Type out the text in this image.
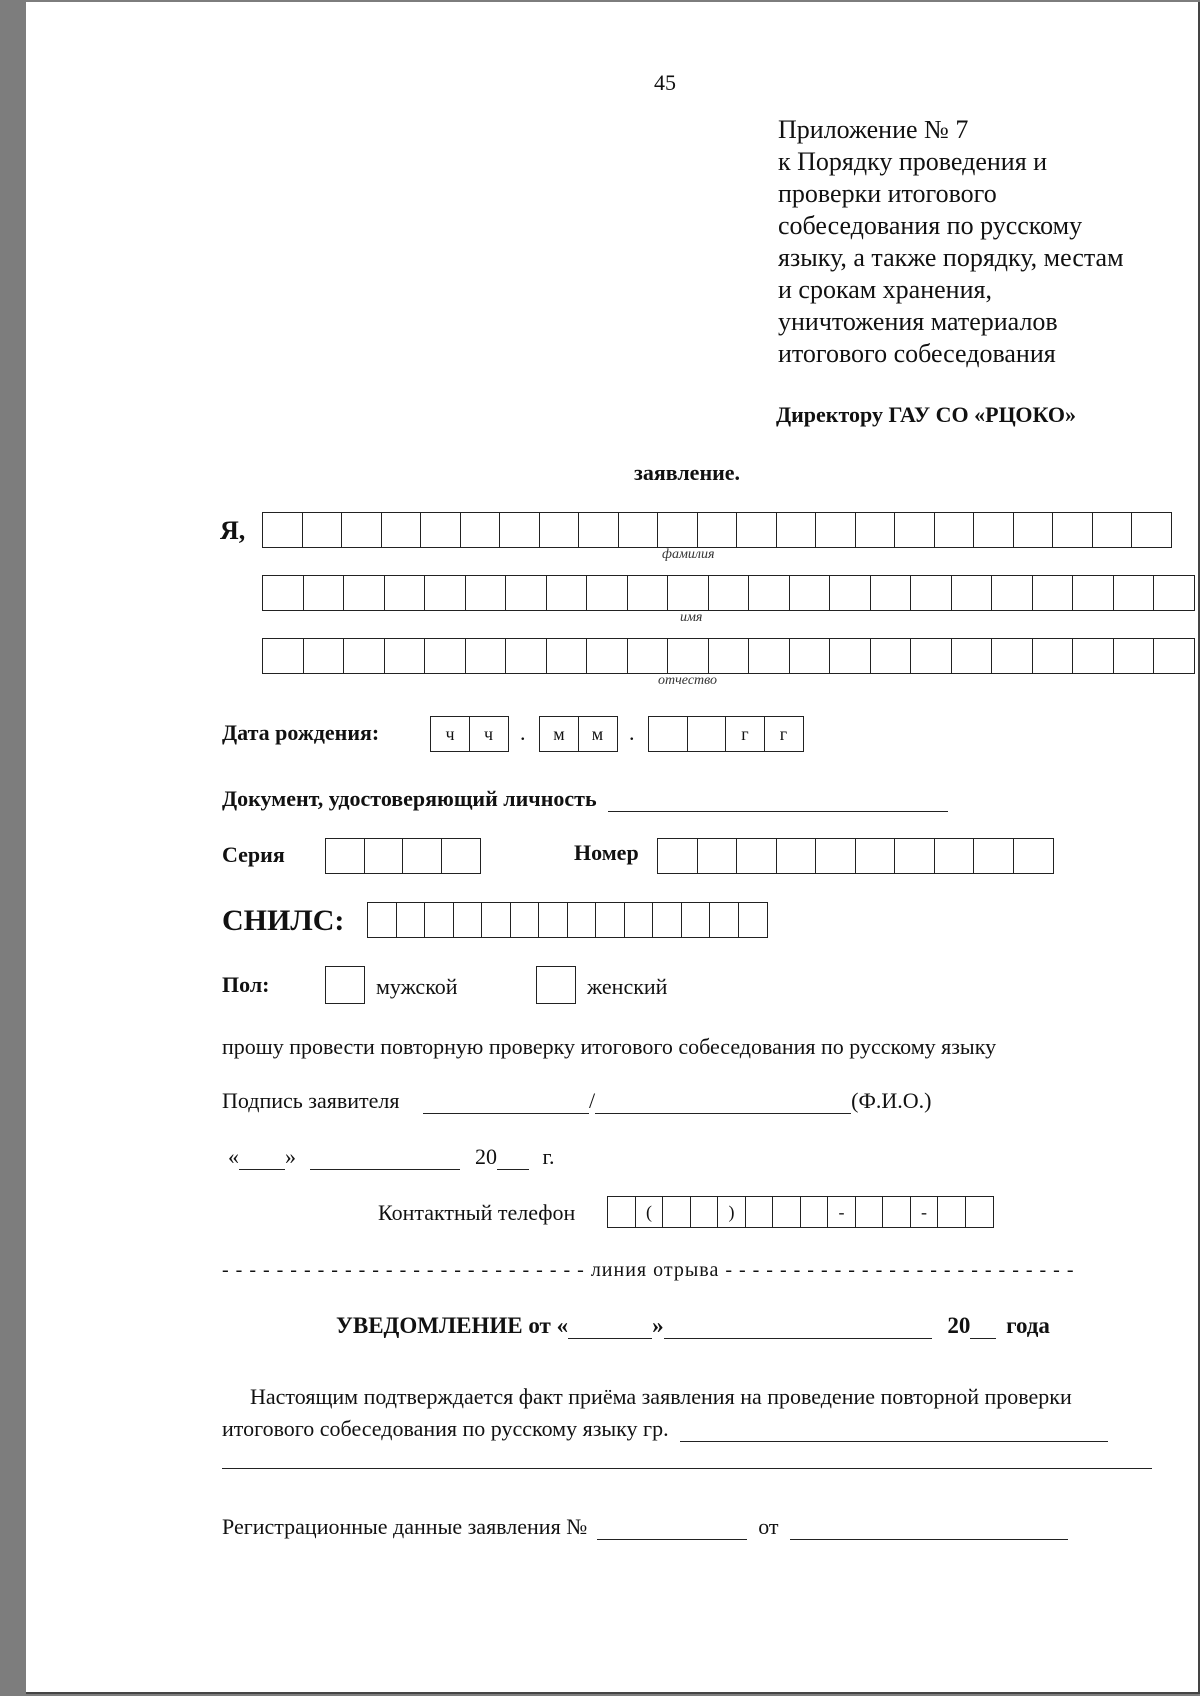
45
Приложение № 7
к Порядку проведения и
проверки итогового
собеседования по русскому
языку, а также порядку, местам
и срокам хранения,
уничтожения материалов
итогового собеседования
Директору ГАУ СО «РЦОКО»
заявление.
Я,
фамилия
имя
отчество
Дата рождения:	ч	ч	.	м	м	.	г	г
Документ, удостоверяющий личность
Серия	Номер
СНИЛС:
Пол:	мужской	женский
прошу провести повторную проверку итогового собеседования по русскому языку
Подпись заявителя	/	(Ф.И.О.)
« »	20 г.
Контактный телефон	(	)	-	-
- - - - - - - - - - - - - - - - - - - - - - - - - - - линия отрыва - - - - - - - - - - - - - - - - - - - - - - - - - -
УВЕДОМЛЕНИЕ от «	»	20 года
Настоящим подтверждается факт приёма заявления на проведение повторной проверки
итогового собеседования по русскому языку гр.
Регистрационные данные заявления №	от
